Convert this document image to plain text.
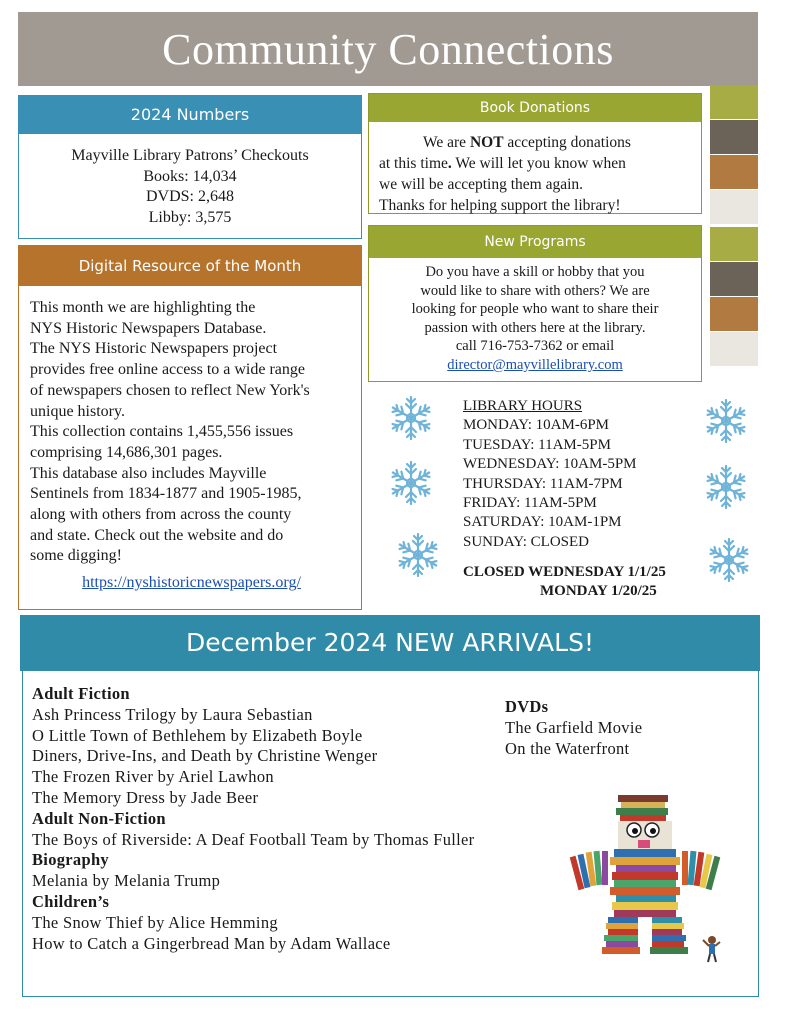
Community Connections
2024 Numbers
Mayville Library Patrons’ Checkouts
Books: 14,034
DVDS: 2,648
Libby: 3,575
Digital Resource of the Month
This month we are highlighting the
NYS Historic Newspapers Database.
The NYS Historic Newspapers project
provides free online access to a wide range
of newspapers chosen to reflect New York's
unique history.
This collection contains 1,455,556 issues
comprising 14,686,301 pages.
This database also includes Mayville
Sentinels from 1834-1877 and 1905-1985,
along with others from across the county
and state. Check out the website and do
some digging!
https://nyshistoricnewspapers.org/
Book Donations
We are NOT accepting donations
at this time. We will let you know when
we will be accepting them again.
Thanks for helping support the library!
New Programs
Do you have a skill or hobby that you
would like to share with others? We are
looking for people who want to share their
passion with others here at the library.
call 716-753-7362 or email
director@mayvillelibrary.com
LIBRARY HOURS
MONDAY: 10AM-6PM
TUESDAY: 11AM-5PM
WEDNESDAY: 10AM-5PM
THURSDAY: 11AM-7PM
FRIDAY: 11AM-5PM
SATURDAY: 10AM-1PM
SUNDAY: CLOSED
CLOSED WEDNESDAY 1/1/25
MONDAY 1/20/25
December 2024 NEW ARRIVALS!
Adult Fiction
Ash Princess Trilogy by Laura Sebastian
O Little Town of Bethlehem by Elizabeth Boyle
Diners, Drive-Ins, and Death by Christine Wenger
The Frozen River by Ariel Lawhon
The Memory Dress by Jade Beer
Adult Non-Fiction
The Boys of Riverside: A Deaf Football Team by Thomas Fuller
Biography
Melania by Melania Trump
Children’s
The Snow Thief by Alice Hemming
How to Catch a Gingerbread Man by Adam Wallace
DVDs
The Garfield Movie
On the Waterfront
